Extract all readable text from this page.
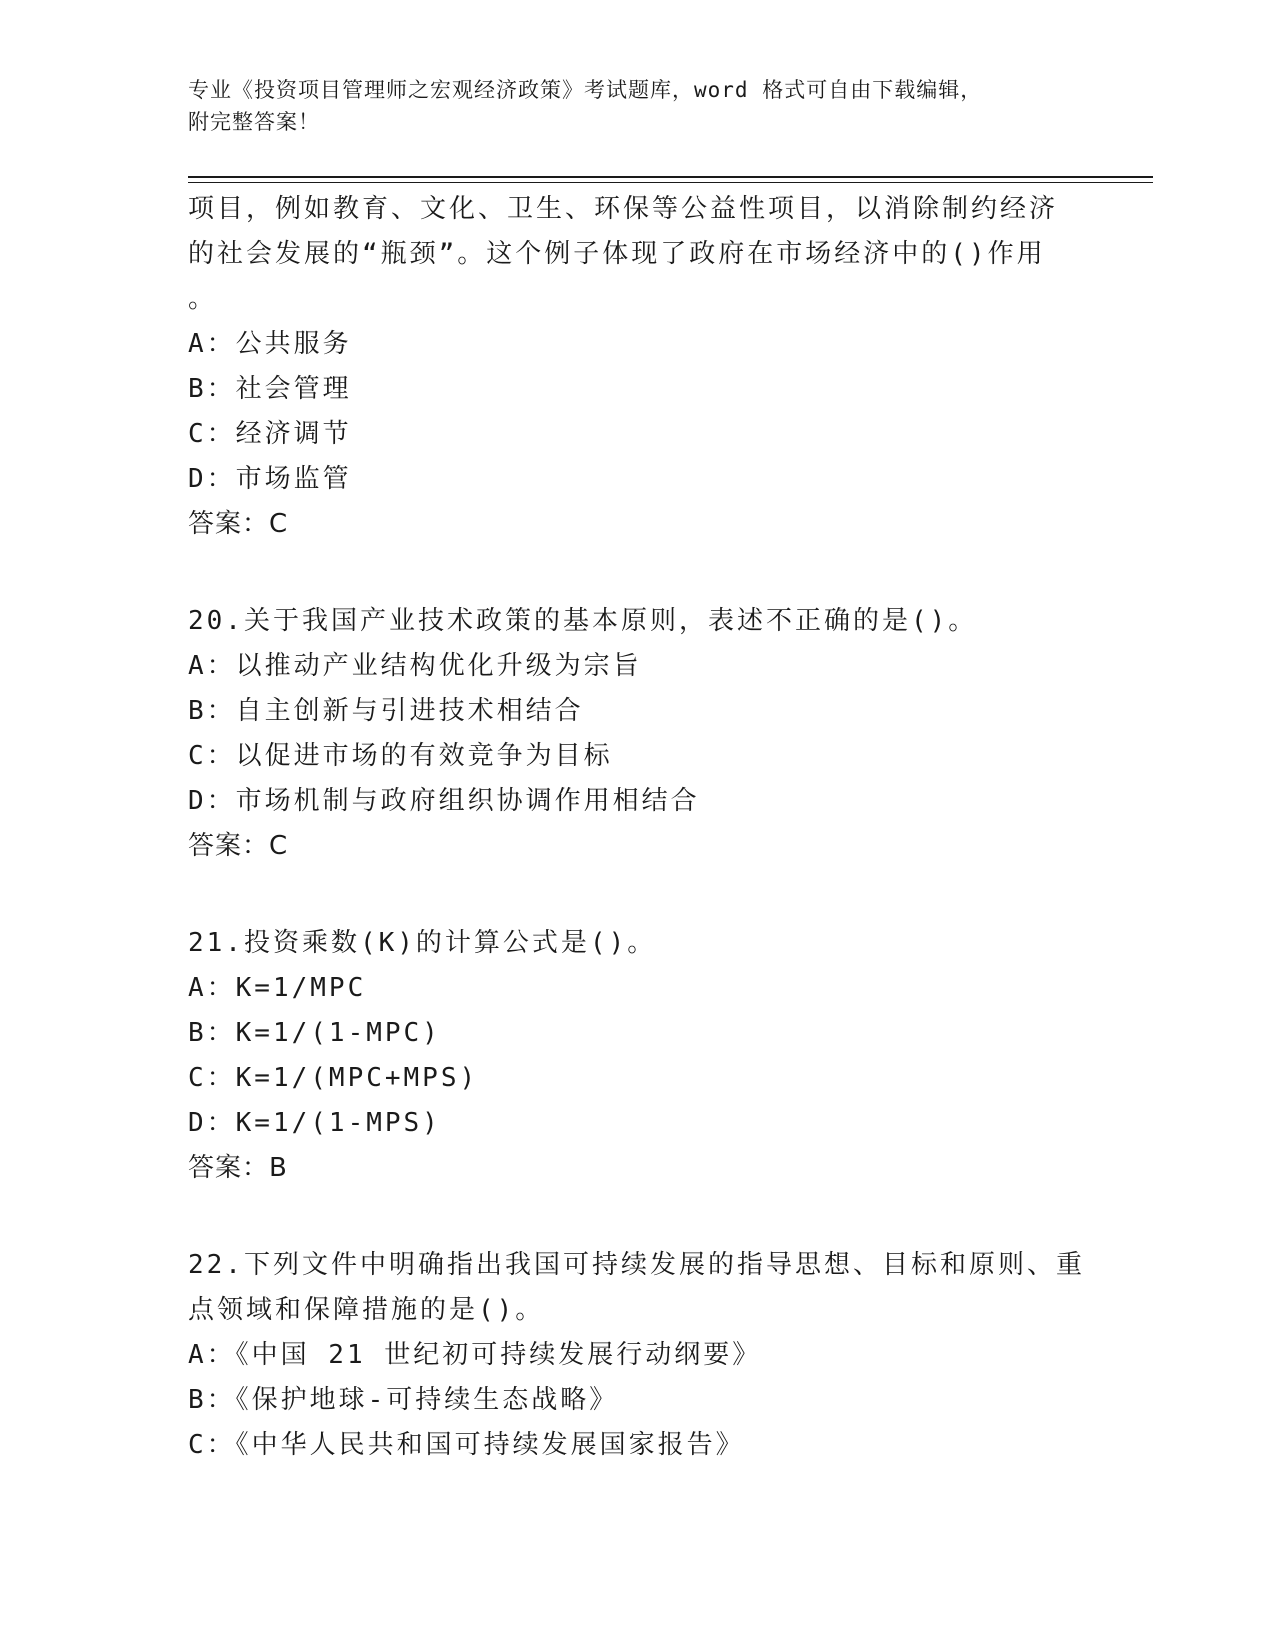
专业《投资项目管理师之宏观经济政策》考试题库，word 格式可自由下载编辑，
附完整答案！
项目，例如教育、文化、卫生、环保等公益性项目，以消除制约经济
的社会发展的“瓶颈”。这个例子体现了政府在市场经济中的()作用
。
A：公共服务
B：社会管理
C：经济调节
D：市场监管
答案：C
20.关于我国产业技术政策的基本原则，表述不正确的是()。
A：以推动产业结构优化升级为宗旨
B：自主创新与引进技术相结合
C：以促进市场的有效竞争为目标
D：市场机制与政府组织协调作用相结合
答案：C
21.投资乘数(K)的计算公式是()。
A：K=1/MPC
B：K=1/(1-MPC)
C：K=1/(MPC+MPS)
D：K=1/(1-MPS)
答案：B
22.下列文件中明确指出我国可持续发展的指导思想、目标和原则、重
点领域和保障措施的是()。
A：《中国 21 世纪初可持续发展行动纲要》
B：《保护地球-可持续生态战略》
C：《中华人民共和国可持续发展国家报告》
